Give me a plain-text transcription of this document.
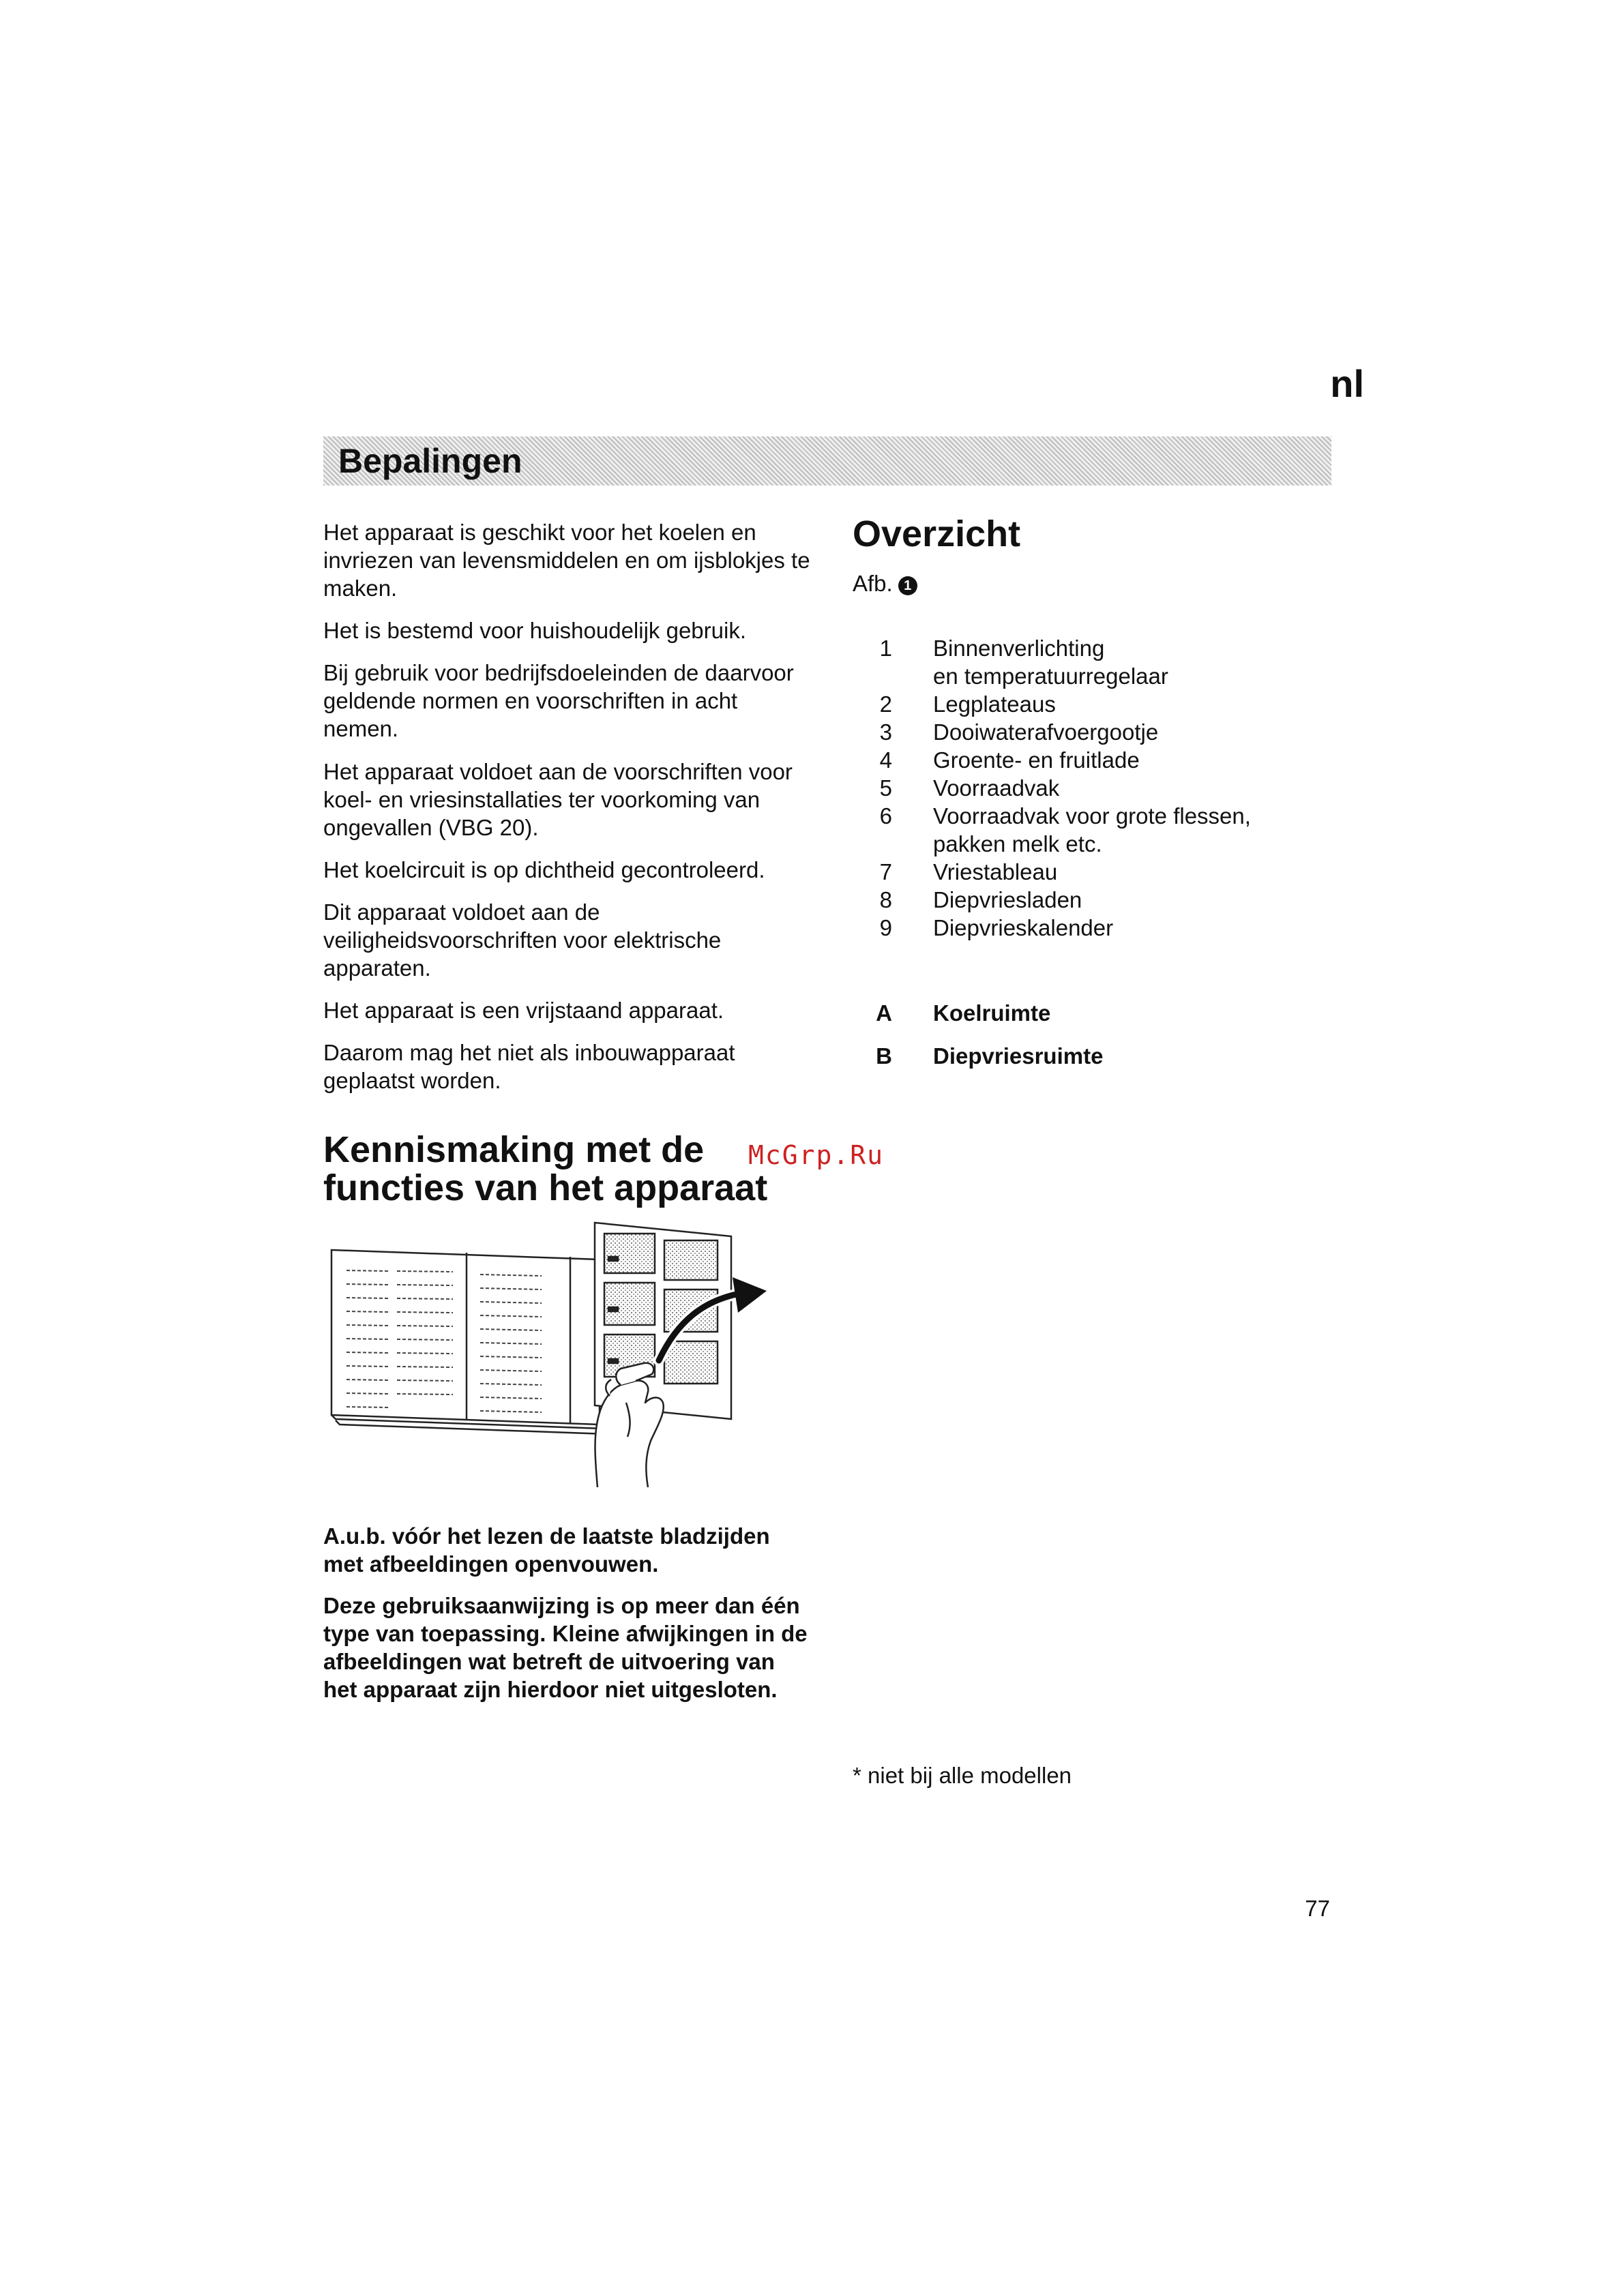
nl
Bepalingen

Het apparaat is geschikt voor het koelen en invriezen van levensmiddelen en om ijsblokjes te maken.

Het is bestemd voor huishoudelijk gebruik.

Bij gebruik voor bedrijfsdoeleinden de daarvoor geldende normen en voorschriften in acht nemen.

Het apparaat voldoet aan de voorschriften voor koel- en vriesinstallaties ter voorkoming van ongevallen (VBG 20).

Het koelcircuit is op dichtheid gecontroleerd.

Dit apparaat voldoet aan de veiligheidsvoorschriften voor elektrische apparaten.

Het apparaat is een vrijstaand apparaat.

Daarom mag het niet als inbouwapparaat geplaatst worden.

Kennismaking met de functies van het apparaat
McGrp.Ru

A.u.b. vóór het lezen de laatste bladzijden met afbeeldingen openvouwen.

Deze gebruiksaanwijzing is op meer dan één type van toepassing. Kleine afwijkingen in de afbeeldingen wat betreft de uitvoering van het apparaat zijn hierdoor niet uitgesloten.

Overzicht
Afb. 1
1 Binnenverlichting
en temperatuurregelaar
2 Legplateaus
3 Dooiwaterafvoergootje
4 Groente- en fruitlade
5 Voorraadvak
6 Voorraadvak voor grote flessen,
pakken melk etc.
7 Vriestableau
8 Diepvriesladen
9 Diepvrieskalender
A Koelruimte
B Diepvriesruimte
* niet bij alle modellen
77
